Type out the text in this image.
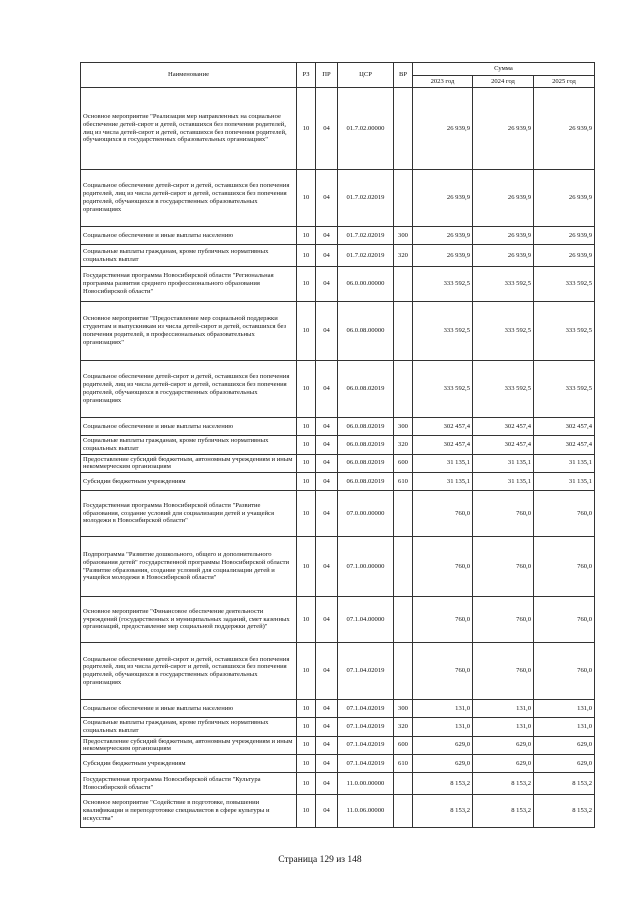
Наименование	РЗ	ПР	ЦСР	ВР	Сумма		
					2023 год	2024 год	2025 год
Основное мероприятие "Реализация мер направленных на социальное обеспечение детей-сирот и детей, оставшихся без попечения родителей, лиц из числа детей-сирот и детей, оставшихся без попечения родителей, обучающихся в государственных образовательных организациях"	10	04	01.7.02.00000		26 939,9	26 939,9	26 939,9
Социальное обеспечение детей-сирот и детей, оставшихся без попечения родителей, лиц из числа детей-сирот и детей, оставшихся без попечения родителей, обучающихся в государственных образовательных организациях	10	04	01.7.02.02019		26 939,9	26 939,9	26 939,9
Социальное обеспечение и иные выплаты населению	10	04	01.7.02.02019	300	26 939,9	26 939,9	26 939,9
Социальные выплаты гражданам, кроме публичных нормативных социальных выплат	10	04	01.7.02.02019	320	26 939,9	26 939,9	26 939,9
Государственная программа Новосибирской области "Региональная программа развития среднего профессионального образования Новосибирской области"	10	04	06.0.00.00000		333 592,5	333 592,5	333 592,5
Основное мероприятие "Предоставление мер социальной поддержки студентам и выпускникам из числа детей-сирот и детей, оставшихся без попечения родителей, в профессиональных образовательных организациях"	10	04	06.0.08.00000		333 592,5	333 592,5	333 592,5
Социальное обеспечение детей-сирот и детей, оставшихся без попечения родителей, лиц из числа детей-сирот и детей, оставшихся без попечения родителей, обучающихся в государственных образовательных организациях	10	04	06.0.08.02019		333 592,5	333 592,5	333 592,5
Социальное обеспечение и иные выплаты населению	10	04	06.0.08.02019	300	302 457,4	302 457,4	302 457,4
Социальные выплаты гражданам, кроме публичных нормативных социальных выплат	10	04	06.0.08.02019	320	302 457,4	302 457,4	302 457,4
Предоставление субсидий бюджетным, автономным учреждениям и иным некоммерческим организациям	10	04	06.0.08.02019	600	31 135,1	31 135,1	31 135,1
Субсидии бюджетным учреждениям	10	04	06.0.08.02019	610	31 135,1	31 135,1	31 135,1
Государственная программа Новосибирской области "Развитие образования, создание условий для социализации детей и учащейся молодежи в Новосибирской области"	10	04	07.0.00.00000		760,0	760,0	760,0
Подпрограмма "Развитие дошкольного, общего и дополнительного образования детей" государственной программы Новосибирской области "Развитие образования, создание условий для социализации детей и учащейся молодежи в Новосибирской области"	10	04	07.1.00.00000		760,0	760,0	760,0
Основное мероприятие "Финансовое обеспечение деятельности учреждений (государственных и муниципальных заданий, смет казенных организаций, предоставление мер социальной поддержки детей)"	10	04	07.1.04.00000		760,0	760,0	760,0
Социальное обеспечение детей-сирот и детей, оставшихся без попечения родителей, лиц из числа детей-сирот и детей, оставшихся без попечения родителей, обучающихся в государственных образовательных организациях	10	04	07.1.04.02019		760,0	760,0	760,0
Социальное обеспечение и иные выплаты населению	10	04	07.1.04.02019	300	131,0	131,0	131,0
Социальные выплаты гражданам, кроме публичных нормативных социальных выплат	10	04	07.1.04.02019	320	131,0	131,0	131,0
Предоставление субсидий бюджетным, автономным учреждениям и иным некоммерческим организациям	10	04	07.1.04.02019	600	629,0	629,0	629,0
Субсидии бюджетным учреждениям	10	04	07.1.04.02019	610	629,0	629,0	629,0
Государственная программа Новосибирской области "Культура Новосибирской области"	10	04	11.0.00.00000		8 153,2	8 153,2	8 153,2
Основное мероприятие "Содействие в подготовке, повышении квалификации и переподготовке специалистов в сфере культуры и искусства"	10	04	11.0.06.00000		8 153,2	8 153,2	8 153,2
Страница 129 из 148
